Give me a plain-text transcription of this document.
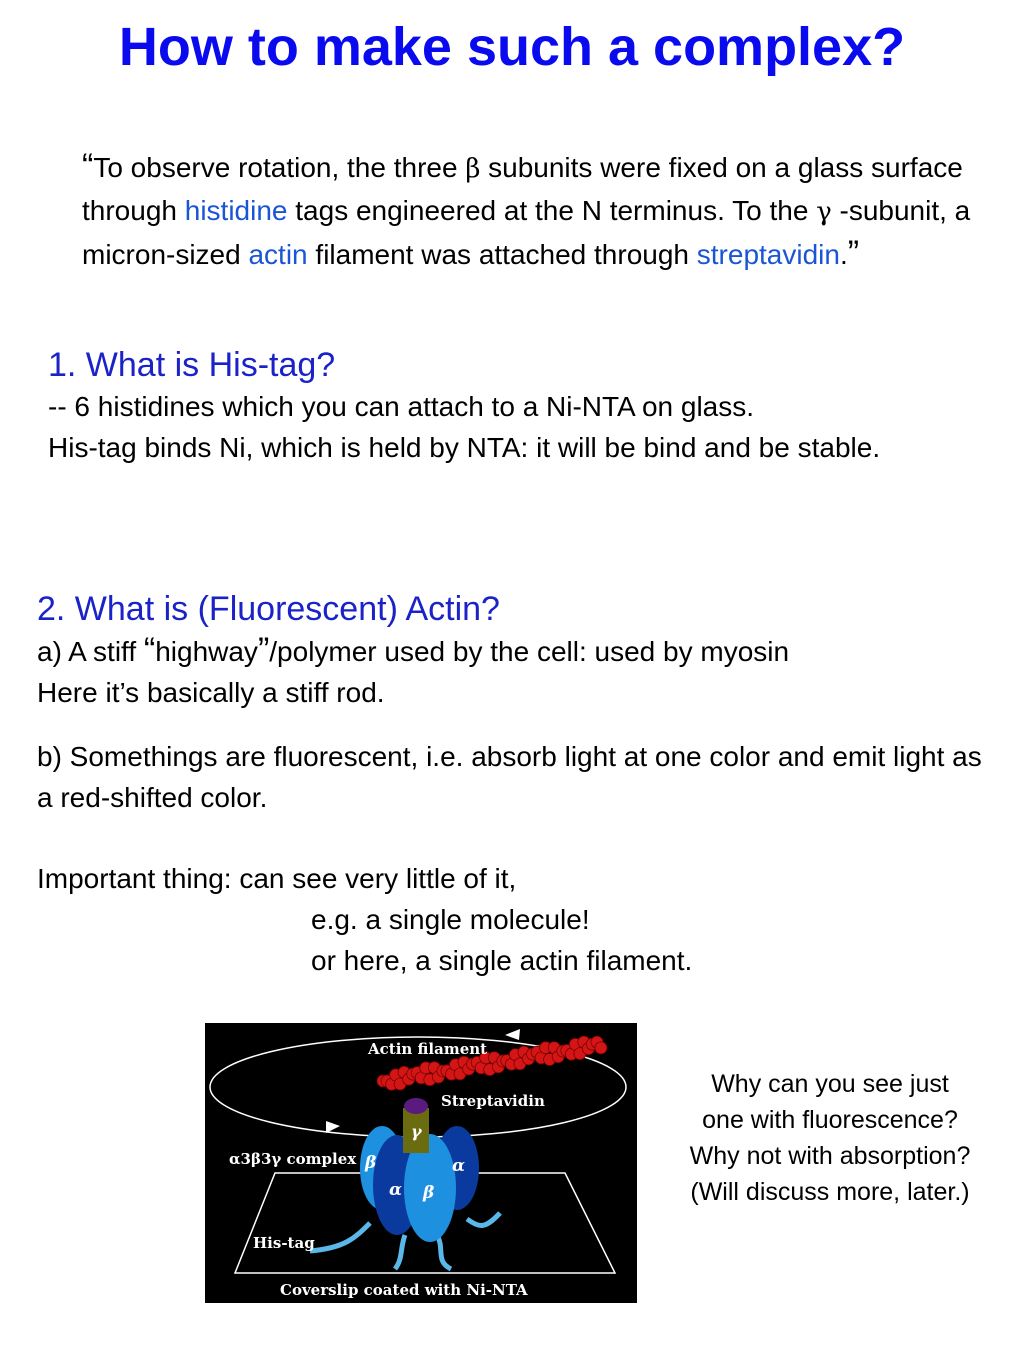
How to make such a complex?
“To observe rotation, the three β subunits were fixed on a glass surface through histidine tags engineered at the N terminus. To the γ -subunit, a micron-sized actin filament was attached through streptavidin.”
1. What is His-tag?
-- 6 histidines which you can attach to a Ni-NTA on glass.
His-tag binds Ni, which is held by NTA: it will be bind and be stable.
2. What is (Fluorescent) Actin?
a) A stiff “highway”/polymer used by the cell: used by myosin
Here it’s basically a stiff rod.
b) Somethings are fluorescent, i.e. absorb light at one color and emit light as a red-shifted color.
Important thing: can see very little of it,
e.g. a single molecule!
or here, a single actin filament.
Actin filament
Streptavidin
α3β3γ complex
His-tag
Coverslip coated with Ni-NTA
γ
β
α β
α
Why can you see just
one with fluorescence?
Why not with absorption?
(Will discuss more, later.)
